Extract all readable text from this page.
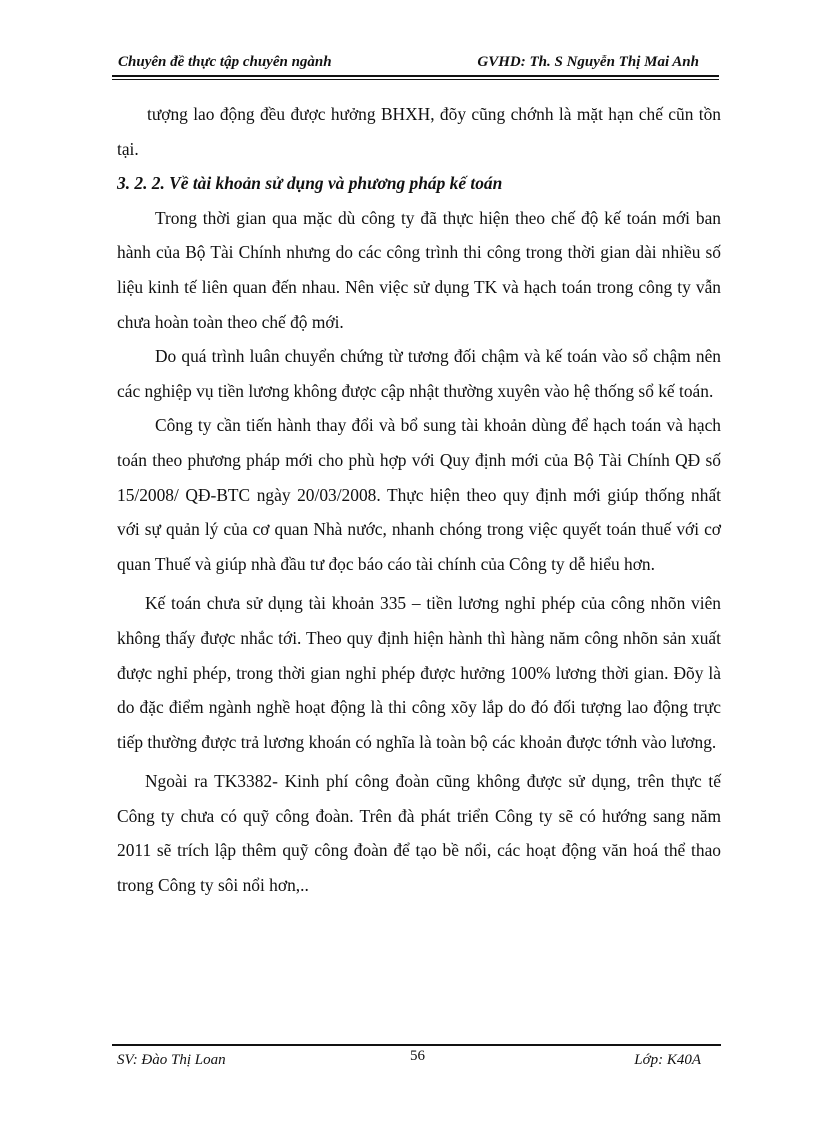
Chuyên đề thực tập chuyên ngành	GVHD: Th. S Nguyễn Thị Mai Anh

tượng lao động đều được hưởng BHXH, đõy cũng chớnh là mặt hạn chế cũn tồn tại.

3. 2. 2. Về tài khoản sử dụng và phương pháp kế toán

Trong thời gian qua mặc dù công ty đã thực hiện theo chế độ kế toán mới ban hành của Bộ Tài Chính nhưng do các công trình thi công trong thời gian dài nhiều số liệu kinh tế liên quan đến nhau. Nên việc sử dụng TK và hạch toán trong công ty vẫn chưa hoàn toàn theo chế độ mới.

Do quá trình luân chuyển chứng từ tương đối chậm và kế toán vào sổ chậm nên các nghiệp vụ tiền lương không được cập nhật thường xuyên vào hệ thống sổ kế toán.

Công ty cần tiến hành thay đổi và bổ sung tài khoản dùng để hạch toán và hạch toán theo phương pháp mới cho phù hợp với Quy định mới của Bộ Tài Chính QĐ số 15/2008/ QĐ-BTC ngày 20/03/2008. Thực hiện theo quy định mới giúp thống nhất với sự quản lý của cơ quan Nhà nước, nhanh chóng trong việc quyết toán thuế với cơ quan Thuế và giúp nhà đầu tư đọc báo cáo tài chính của Công ty dễ hiểu hơn.

Kế toán chưa sử dụng tài khoản 335 – tiền lương nghỉ phép của công nhõn viên không thấy được nhắc tới. Theo quy định hiện hành thì hàng năm công nhõn sản xuất được nghỉ phép, trong thời gian nghỉ phép được hưởng 100% lương thời gian. Đõy là do đặc điểm ngành nghề hoạt động là thi công xõy lắp do đó đối tượng lao động trực tiếp thường được trả lương khoán có nghĩa là toàn bộ các khoản được tớnh vào lương.

Ngoài ra TK3382- Kinh phí công đoàn cũng không được sử dụng, trên thực tế Công ty chưa có quỹ công đoàn. Trên đà phát triển Công ty sẽ có hướng sang năm 2011 sẽ trích lập thêm quỹ công đoàn để tạo bề nổi, các hoạt động văn hoá thể thao trong Công ty sôi nổi hơn,..

SV: Đào Thị Loan	56	Lớp: K40A
